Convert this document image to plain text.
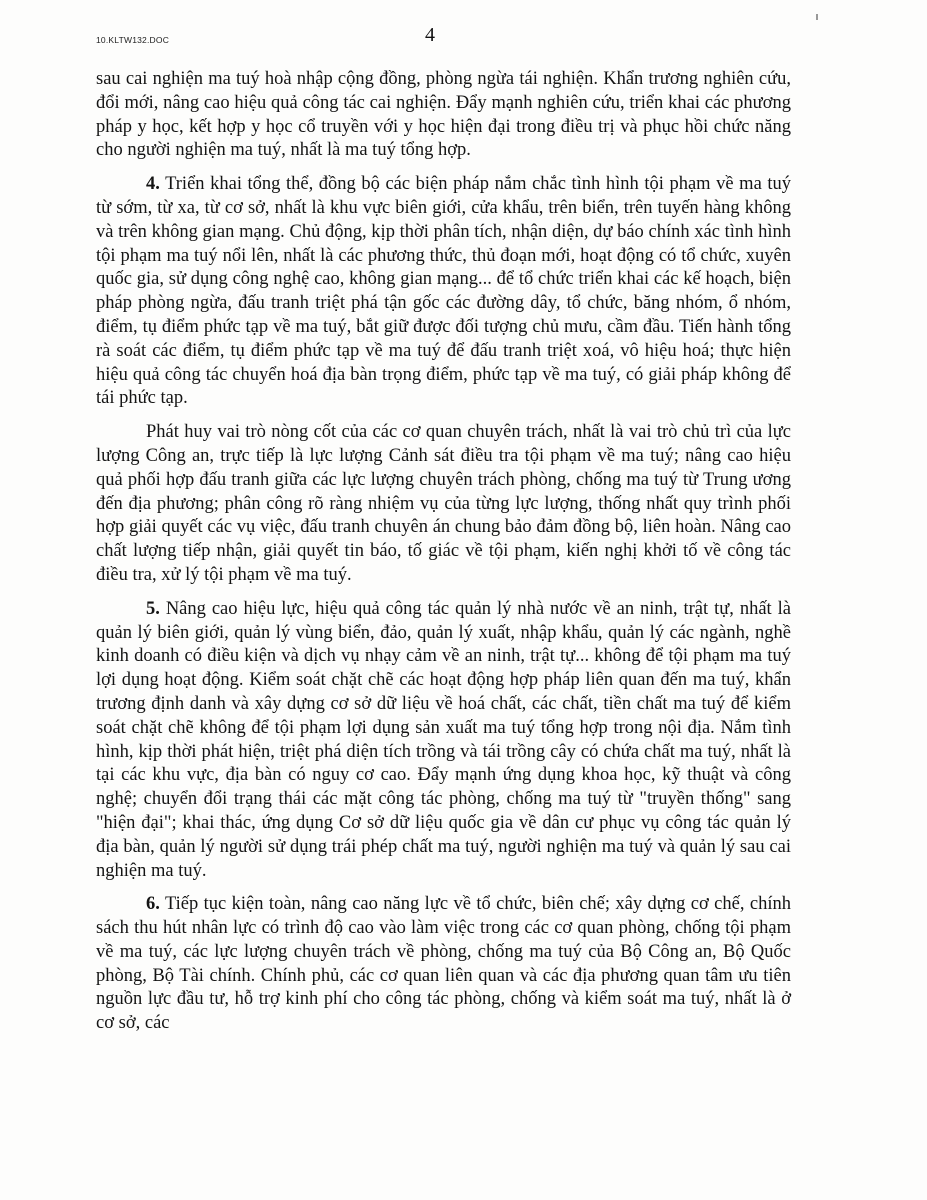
10.KLTW132.DOC	4

sau cai nghiện ma tuý hoà nhập cộng đồng, phòng ngừa tái nghiện. Khẩn trương nghiên cứu, đổi mới, nâng cao hiệu quả công tác cai nghiện. Đẩy mạnh nghiên cứu, triển khai các phương pháp y học, kết hợp y học cổ truyền với y học hiện đại trong điều trị và phục hồi chức năng cho người nghiện ma tuý, nhất là ma tuý tổng hợp.

4. Triển khai tổng thể, đồng bộ các biện pháp nắm chắc tình hình tội phạm về ma tuý từ sớm, từ xa, từ cơ sở, nhất là khu vực biên giới, cửa khẩu, trên biển, trên tuyến hàng không và trên không gian mạng. Chủ động, kịp thời phân tích, nhận diện, dự báo chính xác tình hình tội phạm ma tuý nổi lên, nhất là các phương thức, thủ đoạn mới, hoạt động có tổ chức, xuyên quốc gia, sử dụng công nghệ cao, không gian mạng... để tổ chức triển khai các kế hoạch, biện pháp phòng ngừa, đấu tranh triệt phá tận gốc các đường dây, tổ chức, băng nhóm, ổ nhóm, điểm, tụ điểm phức tạp về ma tuý, bắt giữ được đối tượng chủ mưu, cầm đầu. Tiến hành tổng rà soát các điểm, tụ điểm phức tạp về ma tuý để đấu tranh triệt xoá, vô hiệu hoá; thực hiện hiệu quả công tác chuyển hoá địa bàn trọng điểm, phức tạp về ma tuý, có giải pháp không để tái phức tạp.

Phát huy vai trò nòng cốt của các cơ quan chuyên trách, nhất là vai trò chủ trì của lực lượng Công an, trực tiếp là lực lượng Cảnh sát điều tra tội phạm về ma tuý; nâng cao hiệu quả phối hợp đấu tranh giữa các lực lượng chuyên trách phòng, chống ma tuý từ Trung ương đến địa phương; phân công rõ ràng nhiệm vụ của từng lực lượng, thống nhất quy trình phối hợp giải quyết các vụ việc, đấu tranh chuyên án chung bảo đảm đồng bộ, liên hoàn. Nâng cao chất lượng tiếp nhận, giải quyết tin báo, tố giác về tội phạm, kiến nghị khởi tố về công tác điều tra, xử lý tội phạm về ma tuý.

5. Nâng cao hiệu lực, hiệu quả công tác quản lý nhà nước về an ninh, trật tự, nhất là quản lý biên giới, quản lý vùng biển, đảo, quản lý xuất, nhập khẩu, quản lý các ngành, nghề kinh doanh có điều kiện và dịch vụ nhạy cảm về an ninh, trật tự... không để tội phạm ma tuý lợi dụng hoạt động. Kiểm soát chặt chẽ các hoạt động hợp pháp liên quan đến ma tuý, khẩn trương định danh và xây dựng cơ sở dữ liệu về hoá chất, các chất, tiền chất ma tuý để kiểm soát chặt chẽ không để tội phạm lợi dụng sản xuất ma tuý tổng hợp trong nội địa. Nắm tình hình, kịp thời phát hiện, triệt phá diện tích trồng và tái trồng cây có chứa chất ma tuý, nhất là tại các khu vực, địa bàn có nguy cơ cao. Đẩy mạnh ứng dụng khoa học, kỹ thuật và công nghệ; chuyển đổi trạng thái các mặt công tác phòng, chống ma tuý từ "truyền thống" sang "hiện đại"; khai thác, ứng dụng Cơ sở dữ liệu quốc gia về dân cư phục vụ công tác quản lý địa bàn, quản lý người sử dụng trái phép chất ma tuý, người nghiện ma tuý và quản lý sau cai nghiện ma tuý.

6. Tiếp tục kiện toàn, nâng cao năng lực về tổ chức, biên chế; xây dựng cơ chế, chính sách thu hút nhân lực có trình độ cao vào làm việc trong các cơ quan phòng, chống tội phạm về ma tuý, các lực lượng chuyên trách về phòng, chống ma tuý của Bộ Công an, Bộ Quốc phòng, Bộ Tài chính. Chính phủ, các cơ quan liên quan và các địa phương quan tâm ưu tiên nguồn lực đầu tư, hỗ trợ kinh phí cho công tác phòng, chống và kiểm soát ma tuý, nhất là ở cơ sở, các
